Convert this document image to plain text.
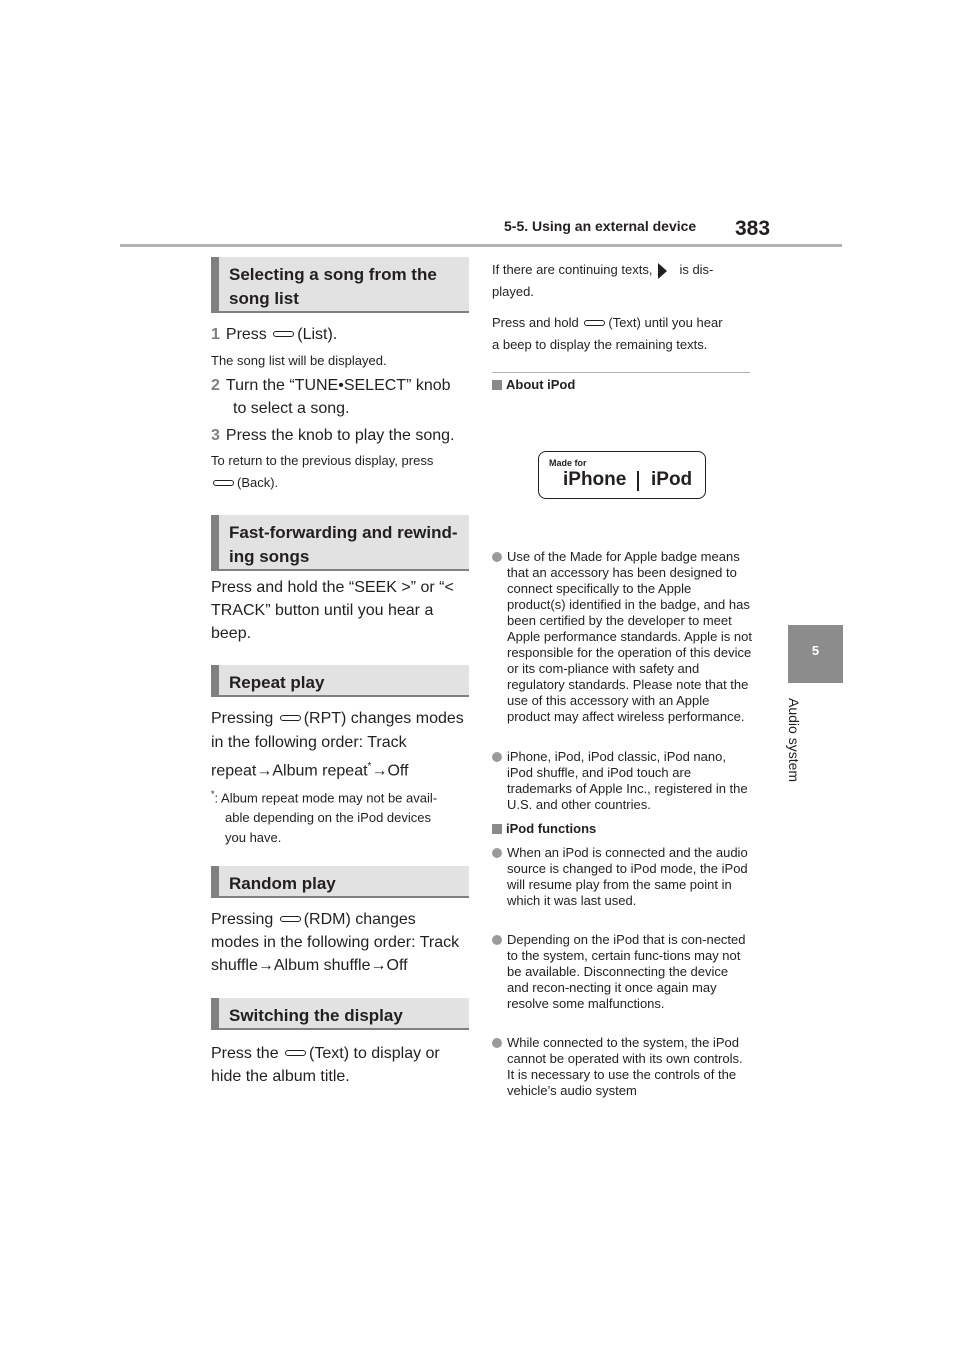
5-5. Using an external device 383
5
Audio system
Selecting a song from the song list
1 Press (List).
The song list will be displayed.
2 Turn the “TUNE•SELECT” knob
to select a song.
3 Press the knob to play the song.
To return to the previous display, press
(Back).
Fast-forwarding and rewind-ing songs
Press and hold the “SEEK >” or “<
TRACK” button until you hear a
beep.
Repeat play
Pressing (RPT) changes modes
in the following order: Track
repeat→Album repeat*→Off
*: Album repeat mode may not be avail-
able depending on the iPod devices
you have.
Random play
Pressing (RDM) changes
modes in the following order: Track
shuffle→Album shuffle→Off
Switching the display
Press the (Text) to display or
hide the album title.
If there are continuing texts, is dis-
played.
Press and hold (Text) until you hear
a beep to display the remaining texts.
About iPod
Made for
iPhone iPod
Use of the Made for Apple badge means that an accessory has been designed to connect specifically to the Apple product(s) identified in the badge, and has been certified by the developer to meet Apple performance standards. Apple is not responsible for the operation of this device or its com-pliance with safety and regulatory standards. Please note that the use of this accessory with an Apple product may affect wireless performance.
iPhone, iPod, iPod classic, iPod nano, iPod shuffle, and iPod touch are trademarks of Apple Inc., registered in the U.S. and other countries.
iPod functions
When an iPod is connected and the audio source is changed to iPod mode, the iPod will resume play from the same point in which it was last used.
Depending on the iPod that is con-nected to the system, certain func-tions may not be available. Disconnecting the device and recon-necting it once again may resolve some malfunctions.
While connected to the system, the iPod cannot be operated with its own controls. It is necessary to use the controls of the vehicle’s audio system
